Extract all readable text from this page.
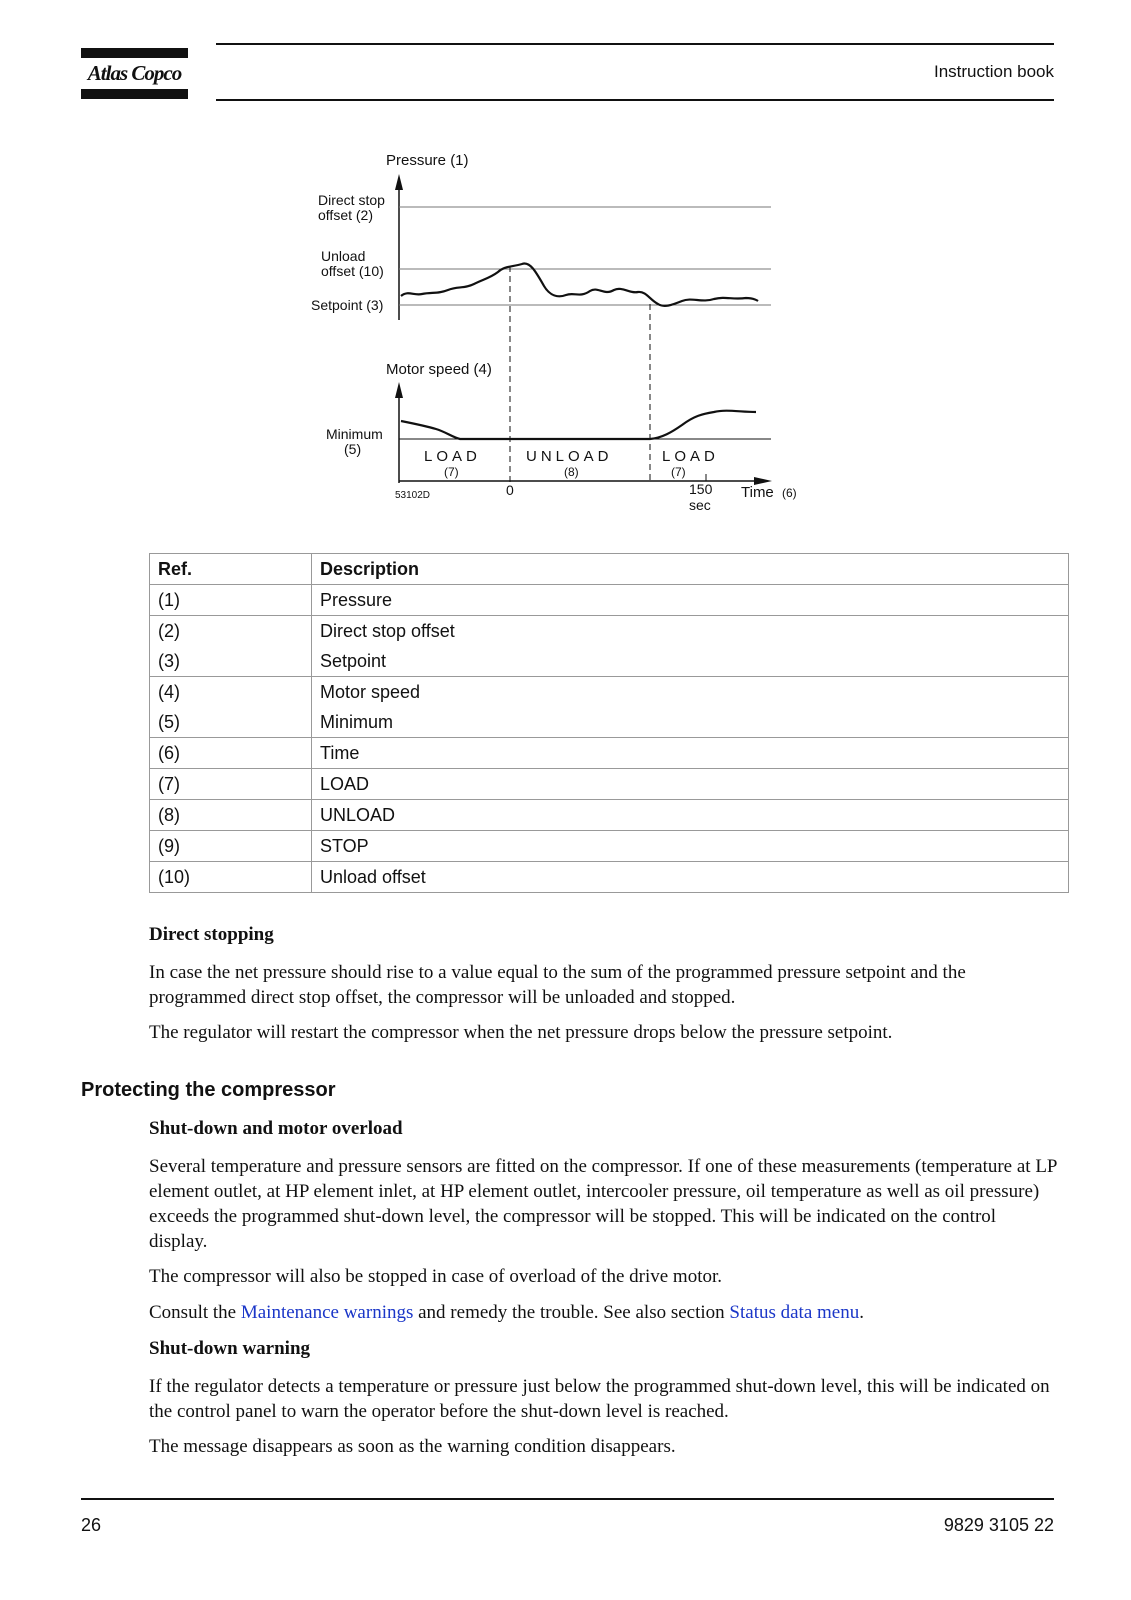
Atlas Copco	Instruction book
Pressure (1)
Direct stop
offset (2)
Unload
offset (10)
Setpoint (3)
Motor speed (4)
Minimum
(5)	LOAD
(7)
UNLOAD
(8)
LOAD
(7)
53102D	0	150
sec
Time (6)
Ref.	Description
(1)	Pressure
(2)	Direct stop offset
(3)	Setpoint
(4)	Motor speed
(5)	Minimum
(6)	Time
(7)	LOAD
(8)	UNLOAD
(9)	STOP
(10)	Unload offset
Direct stopping

In case the net pressure should rise to a value equal to the sum of the programmed pressure setpoint and the programmed direct stop offset, the compressor will be unloaded and stopped.

The regulator will restart the compressor when the net pressure drops below the pressure setpoint.

Protecting the compressor
Shut-down and motor overload

Several temperature and pressure sensors are fitted on the compressor. If one of these measurements (temperature at LP element outlet, at HP element inlet, at HP element outlet, intercooler pressure, oil temperature as well as oil pressure) exceeds the programmed shut-down level, the compressor will be stopped. This will be indicated on the control display.

The compressor will also be stopped in case of overload of the drive motor.

Consult the Maintenance warnings and remedy the trouble. See also section Status data menu.

Shut-down warning

If the regulator detects a temperature or pressure just below the programmed shut-down level, this will be indicated on the control panel to warn the operator before the shut-down level is reached.

The message disappears as soon as the warning condition disappears.

26	9829 3105 22
